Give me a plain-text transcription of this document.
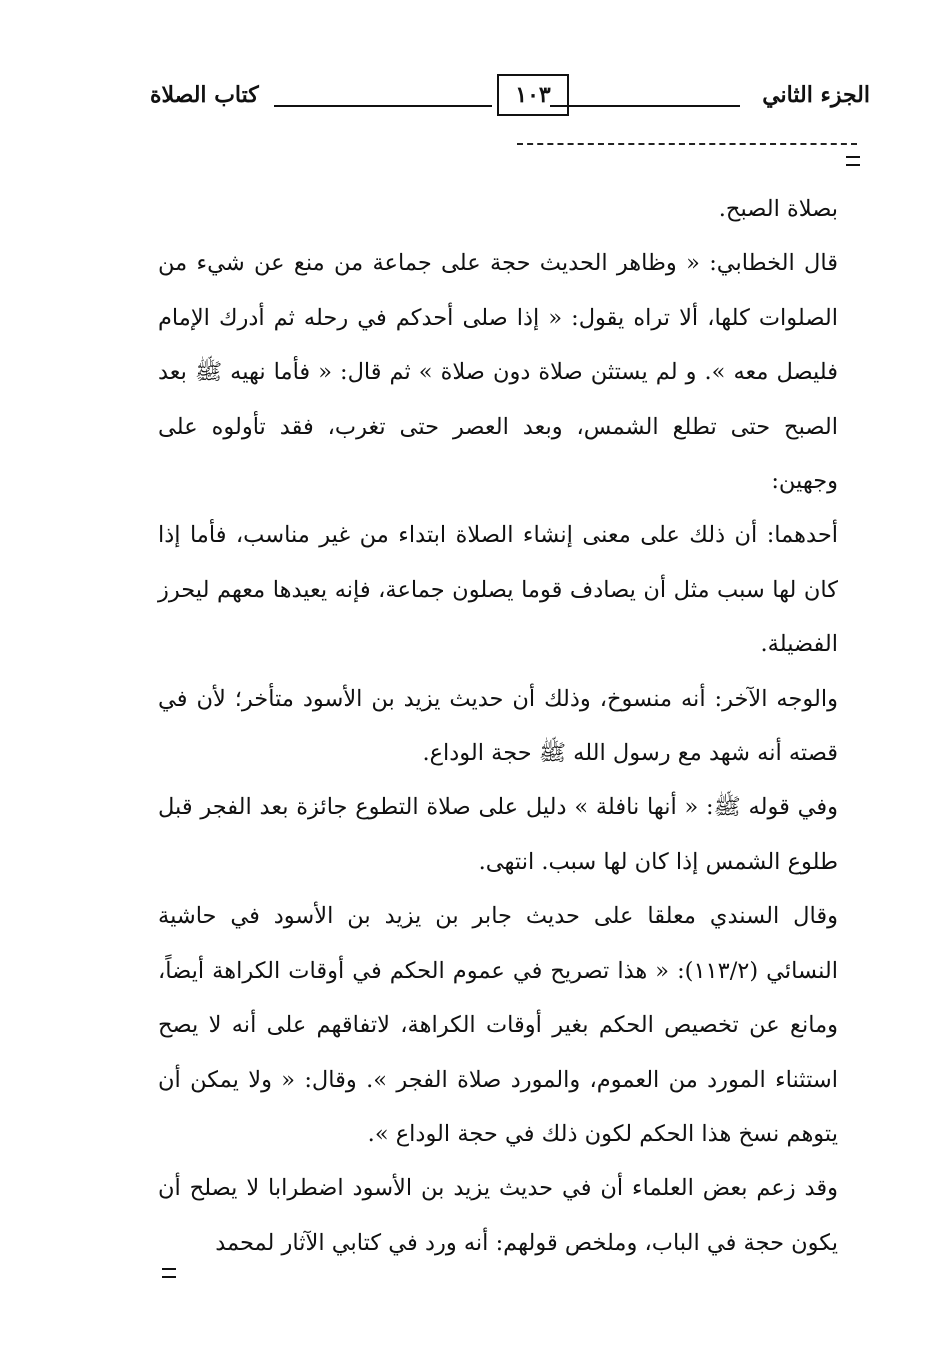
الجزء الثاني
١٠٣
كتاب الصلاة

بصلاة الصبح.

قال الخطابي: « وظاهر الحديث حجة على جماعة من منع عن شيء من الصلوات كلها، ألا تراه يقول: « إذا صلى أحدكم في رحله ثم أدرك الإمام فليصل معه ». و لم يستثن صلاة دون صلاة » ثم قال: « فأما نهيه ﷺ بعد الصبح حتى تطلع الشمس، وبعد العصر حتى تغرب، فقد تأولوه على وجهين:

أحدهما: أن ذلك على معنى إنشاء الصلاة ابتداء من غير مناسب، فأما إذا كان لها سبب مثل أن يصادف قوما يصلون جماعة، فإنه يعيدها معهم ليحرز الفضيلة.

والوجه الآخر: أنه منسوخ، وذلك أن حديث يزيد بن الأسود متأخر؛ لأن في قصته أنه شهد مع رسول الله ﷺ حجة الوداع.

وفي قوله ﷺ: « أنها نافلة » دليل على صلاة التطوع جائزة بعد الفجر قبل طلوع الشمس إذا كان لها سبب. انتهى.

وقال السندي معلقا على حديث جابر بن يزيد بن الأسود في حاشية النسائي (١١٣/٢): « هذا تصريح في عموم الحكم في أوقات الكراهة أيضاً، ومانع عن تخصيص الحكم بغير أوقات الكراهة، لاتفاقهم على أنه لا يصح استثناء المورد من العموم، والمورد صلاة الفجر ». وقال: « ولا يمكن أن يتوهم نسخ هذا الحكم لكون ذلك في حجة الوداع ».

وقد زعم بعض العلماء أن في حديث يزيد بن الأسود اضطرابا لا يصلح أن يكون حجة في الباب، وملخص قولهم: أنه ورد في كتابي الآثار لمحمد
